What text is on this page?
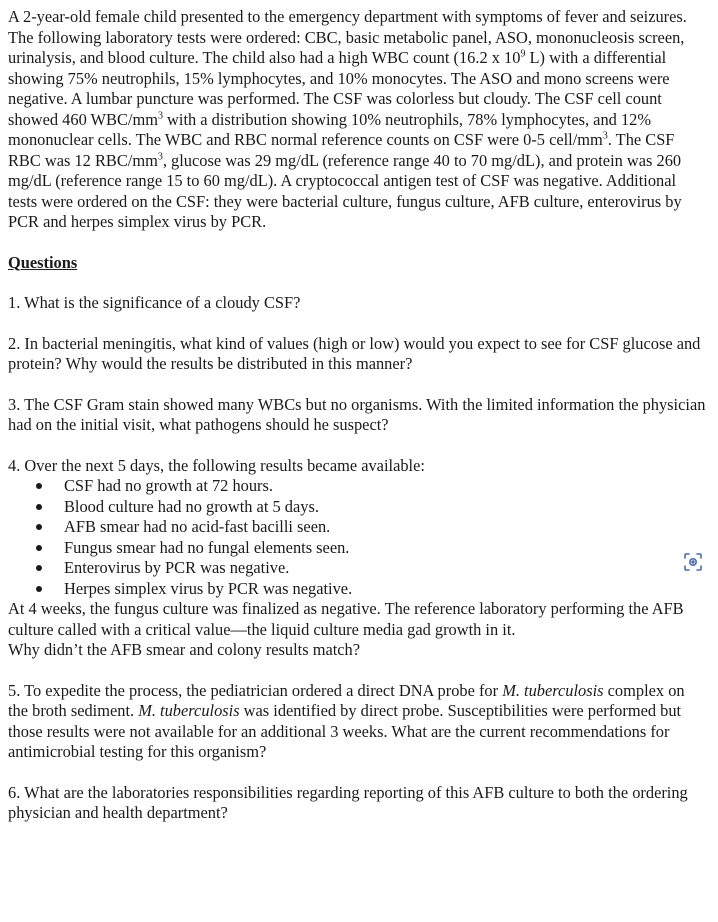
A 2-year-old female child presented to the emergency department with symptoms of fever and seizures. The following laboratory tests were ordered: CBC, basic metabolic panel, ASO, mononucleosis screen, urinalysis, and blood culture. The child also had a high WBC count (16.2 x $10^9$ L) with a differential showing 75% neutrophils, 15% lymphocytes, and 10% monocytes. The ASO and mono screens were negative. A lumbar puncture was performed. The CSF was colorless but cloudy. The CSF cell count showed 460 WBC/$mm^3$ with a distribution showing 10% neutrophils, 78% lymphocytes, and 12% mononuclear cells. The WBC and RBC normal reference counts on CSF were 0-5 cell/$mm^3$. The CSF RBC was 12 RBC/$mm^3$, glucose was 29 mg/dL (reference range 40 to 70 mg/dL), and protein was 260 mg/dL (reference range 15 to 60 mg/dL). A cryptococcal antigen test of CSF was negative. Additional tests were ordered on the CSF: they were bacterial culture, fungus culture, AFB culture, enterovirus by PCR and herpes simplex virus by PCR.

Questions

1. What is the significance of a cloudy CSF?

2. In bacterial meningitis, what kind of values (high or low) would you expect to see for CSF glucose and protein? Why would the results be distributed in this manner?

3. The CSF Gram stain showed many WBCs but no organisms. With the limited information the physician had on the initial visit, what pathogens should he suspect?

4. Over the next 5 days, the following results became available:

CSF had no growth at 72 hours.
Blood culture had no growth at 5 days.
AFB smear had no acid-fast bacilli seen.
Fungus smear had no fungal elements seen.
Enterovirus by PCR was negative.
Herpes simplex virus by PCR was negative.

At 4 weeks, the fungus culture was finalized as negative. The reference laboratory performing the AFB culture called with a critical value—the liquid culture media gad growth in it.
Why didn’t the AFB smear and colony results match?

5. To expedite the process, the pediatrician ordered a direct DNA probe for M. tuberculosis complex on the broth sediment. M. tuberculosis was identified by direct probe. Susceptibilities were performed but those results were not available for an additional 3 weeks. What are the current recommendations for antimicrobial testing for this organism?

6. What are the laboratories responsibilities regarding reporting of this AFB culture to both the ordering physician and health department?
